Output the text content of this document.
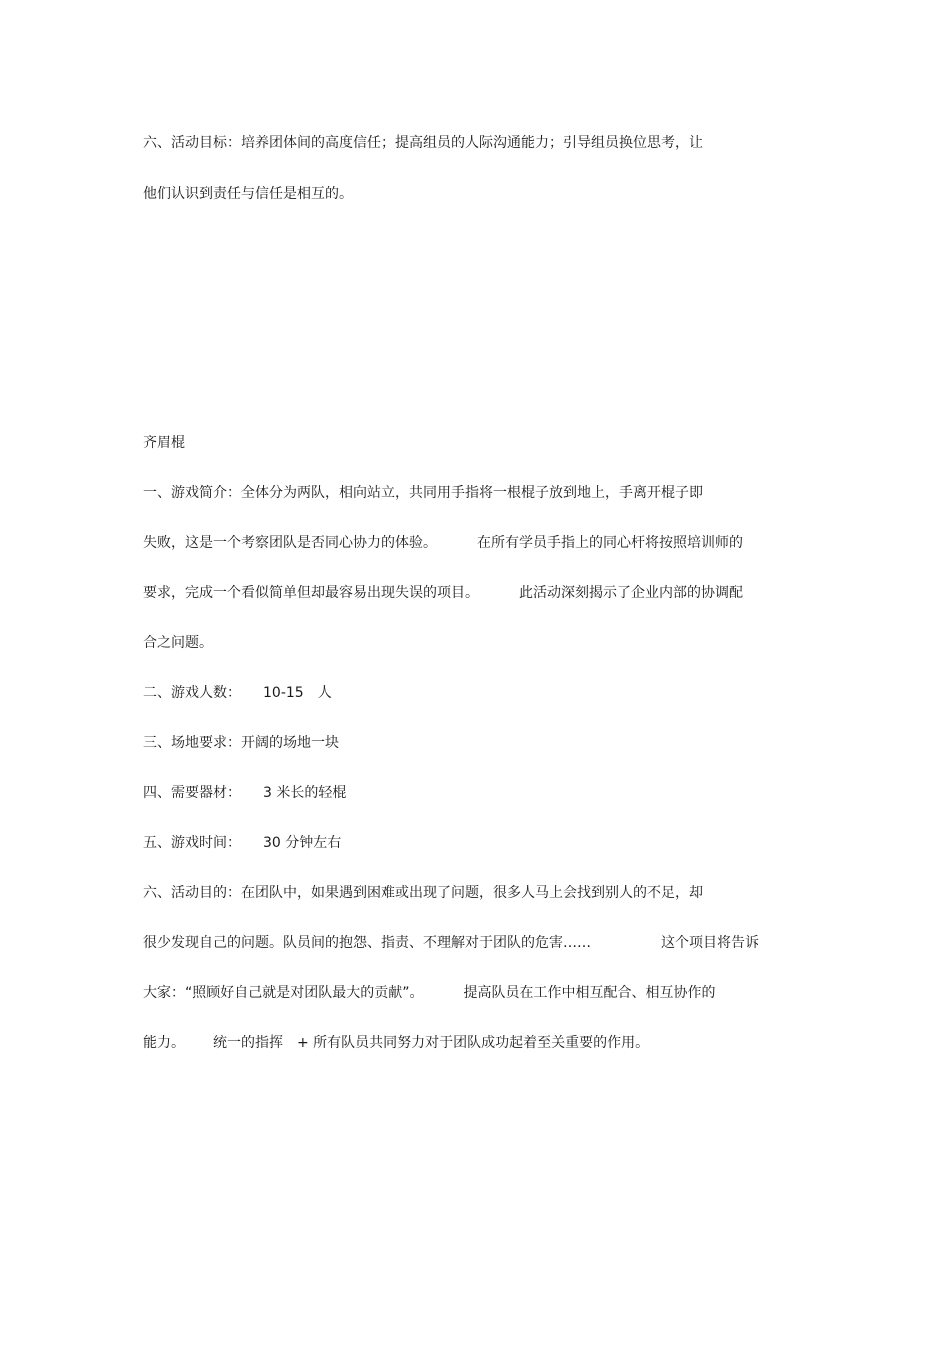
六、活动目标：培养团体间的高度信任；提高组员的人际沟通能力；引导组员换位思考，让
他们认识到责任与信任是相互的。
齐眉棍
一、游戏简介：全体分为两队，相向站立，共同用手指将一根棍子放到地上，手离开棍子即
失败，这是一个考察团队是否同心协力的体验。	在所有学员手指上的同心杆将按照培训师的
要求，完成一个看似简单但却最容易出现失误的项目。	此活动深刻揭示了企业内部的协调配
合之问题。
二、游戏人数： 10-15 人
三、场地要求：开阔的场地一块
四、需要器材： 3 米长的轻棍
五、游戏时间： 30 分钟左右
六、活动目的：在团队中，如果遇到困难或出现了问题，很多人马上会找到别人的不足，却
很少发现自己的问题。队员间的抱怨、指责、不理解对于团队的危害……	这个项目将告诉
大家：“照顾好自己就是对团队最大的贡献”。	提高队员在工作中相互配合、相互协作的
能力。 统一的指挥 + 所有队员共同努力对于团队成功起着至关重要的作用。
